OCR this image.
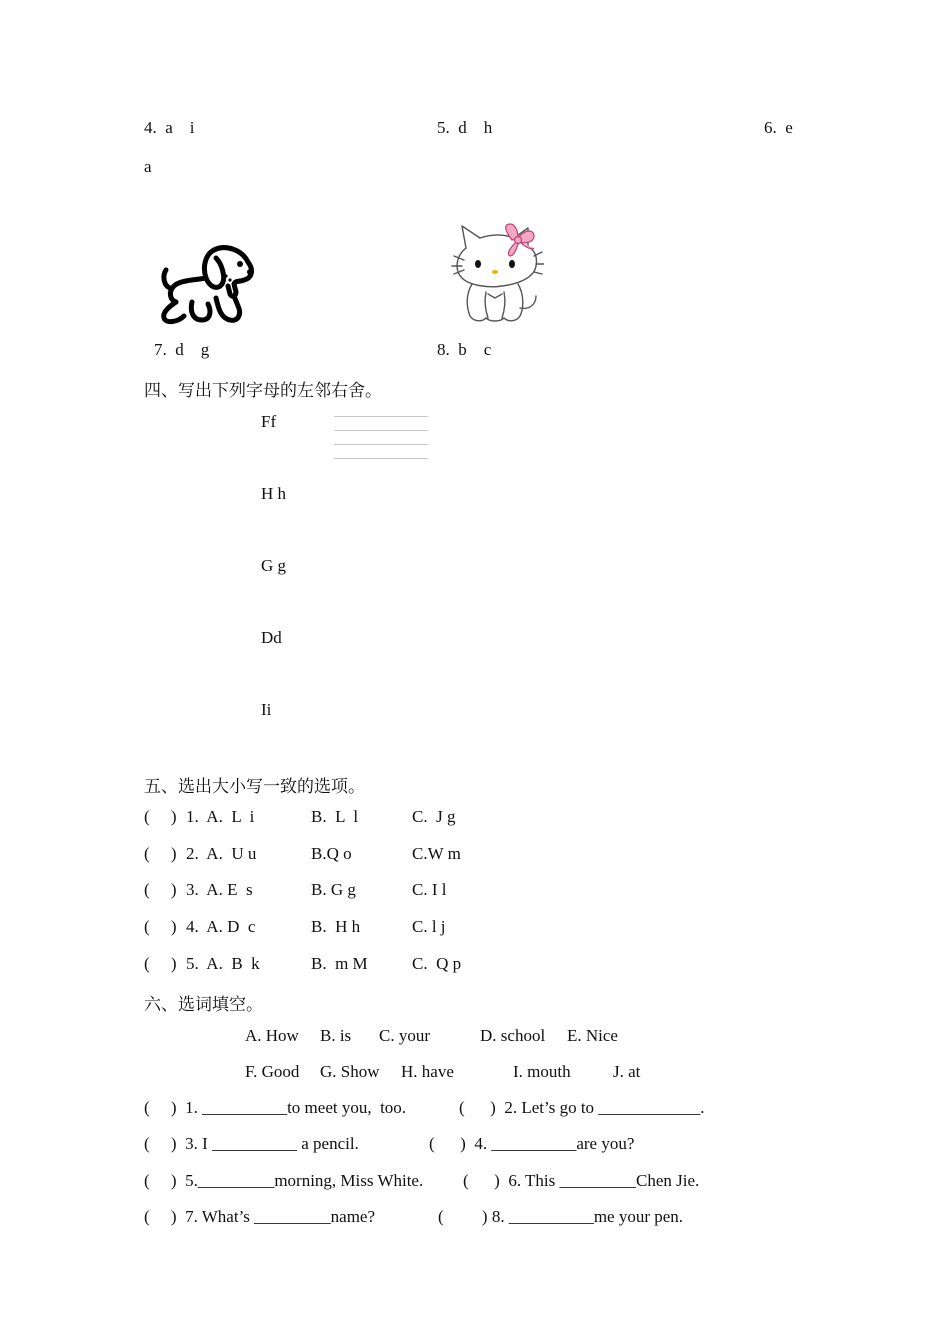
4.  a    i	5.  d    h	6.  e
a
7.  d    g	8.  b    c
四、写出下列字母的左邻右舍。
Ff
H h
G g
Dd
Ii
五、选出大小写一致的选项。
(     ) 1.  A.  L  i	B.  L  l	C.  J g
(     ) 2.  A.  U u	B.Q o	C.W m
(     ) 3.  A. E  s	B. G g	C. I l
(     ) 4.  A. D  c	B.  H h	C. l j
(     ) 5.  A.  B  k	B.  m M	C.  Q p
六、选词填空。
A. How B. is C. your	D. school E. Nice
F. Good G. Show H. have	I. mouth J. at
(     )  1. __________to meet you,  too.	(      )  2. Let’s go to ____________.
(     )  3. I __________ a pencil.	(      )  4. __________are you?
(     )  5._________morning, Miss White. (      )  6. This _________Chen Jie.
(     )  7. What’s _________name?	(         ) 8. __________me your pen.
